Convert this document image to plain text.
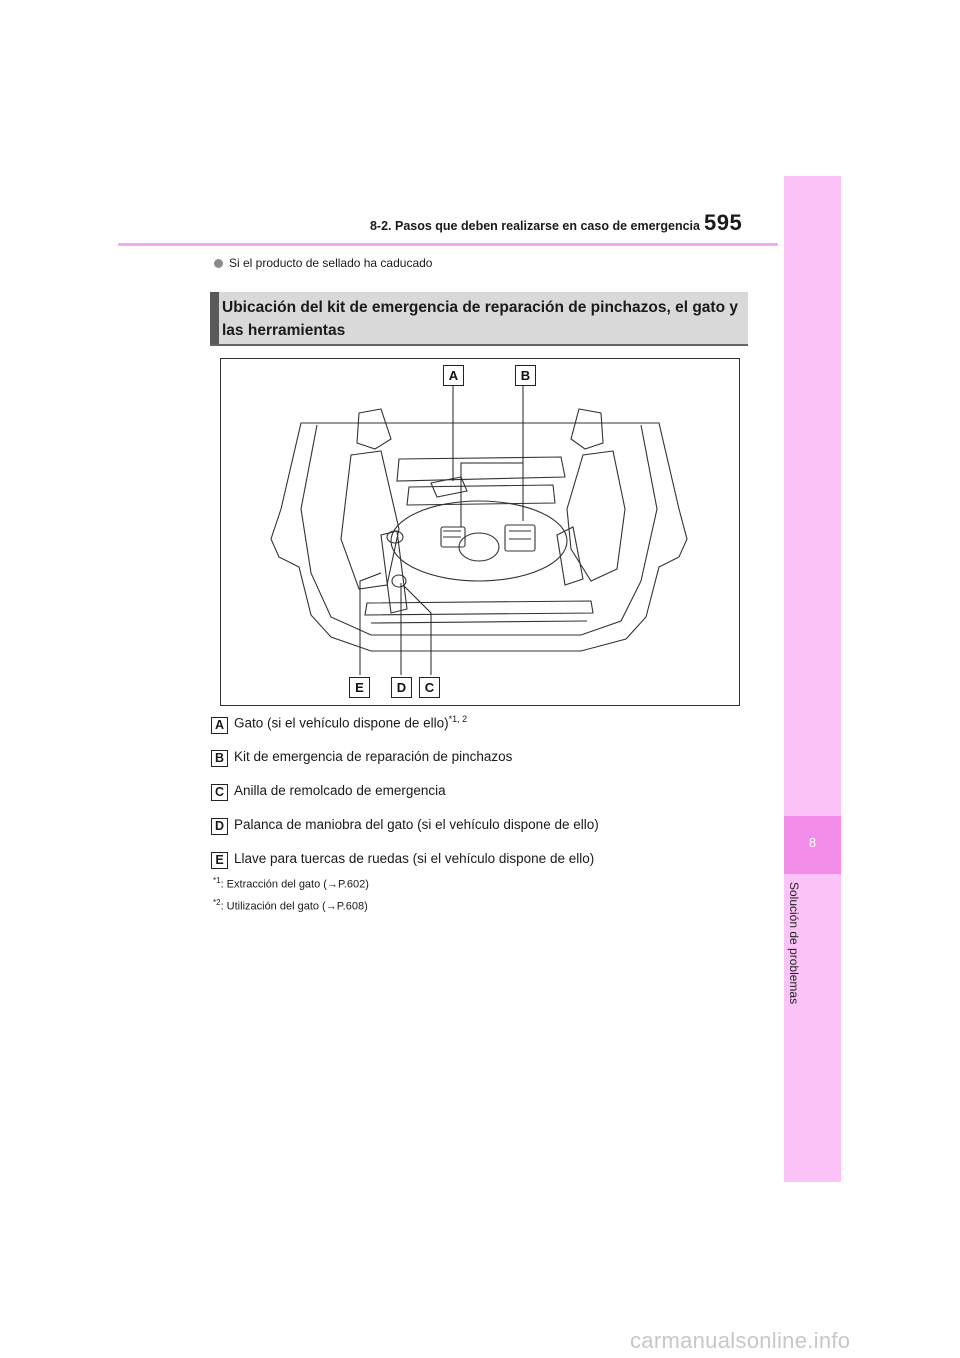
8-2. Pasos que deben realizarse en caso de emergencia 595
8
Solución de problemas
Si el producto de sellado ha caducado
Ubicación del kit de emergencia de reparación de pinchazos, el gato y las herramientas
A	B
C
D
E
A Gato (si el vehículo dispone de ello)$^{*1, 2}$
B Kit de emergencia de reparación de pinchazos
C Anilla de remolcado de emergencia
D Palanca de maniobra del gato (si el vehículo dispone de ello)
E Llave para tuercas de ruedas (si el vehículo dispone de ello)
$^{*1}$: Extracción del gato (→P.602)
$^{*2}$: Utilización del gato (→P.608)
carmanualsonline.info
